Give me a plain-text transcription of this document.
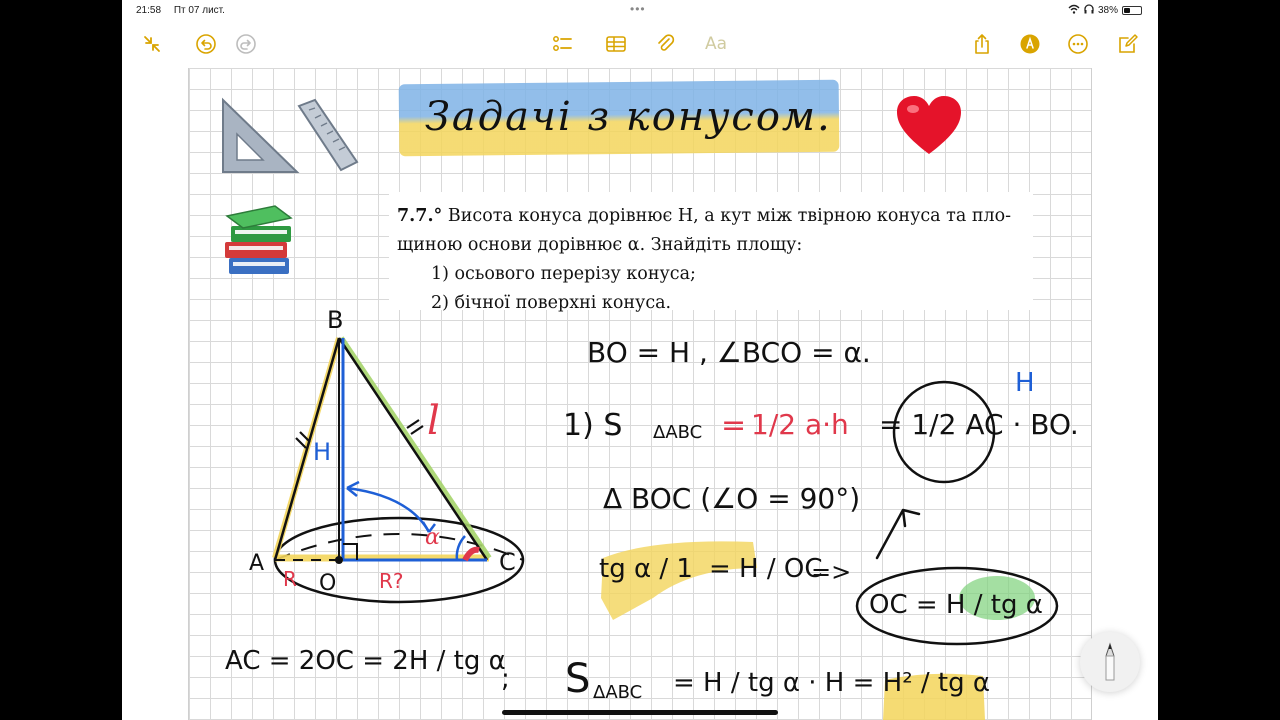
21:58 Пт 07 лист.	•••	38%
Aa
Задачі з конусом.
7.7.° Висота конуса дорівнює H, а кут між твірною конуса та пло-
щиною основи дорівнює α. Знайдіть площу:
1) осьового перерізу конуса;
2) бічної поверхні конуса.
B
A	C
O
H
l
R	R?
α
BO = H , ∠BCO = α.
1) S ΔABC = 1/2 a·h = 1/2 AC · BO.
H
Δ BOC (∠O = 90°)
tg α / 1 = H / OC
=>
OC = H / tg α
AC = 2OC = 2H / tg α
; S ΔABC = H / tg α · H = H² / tg α
